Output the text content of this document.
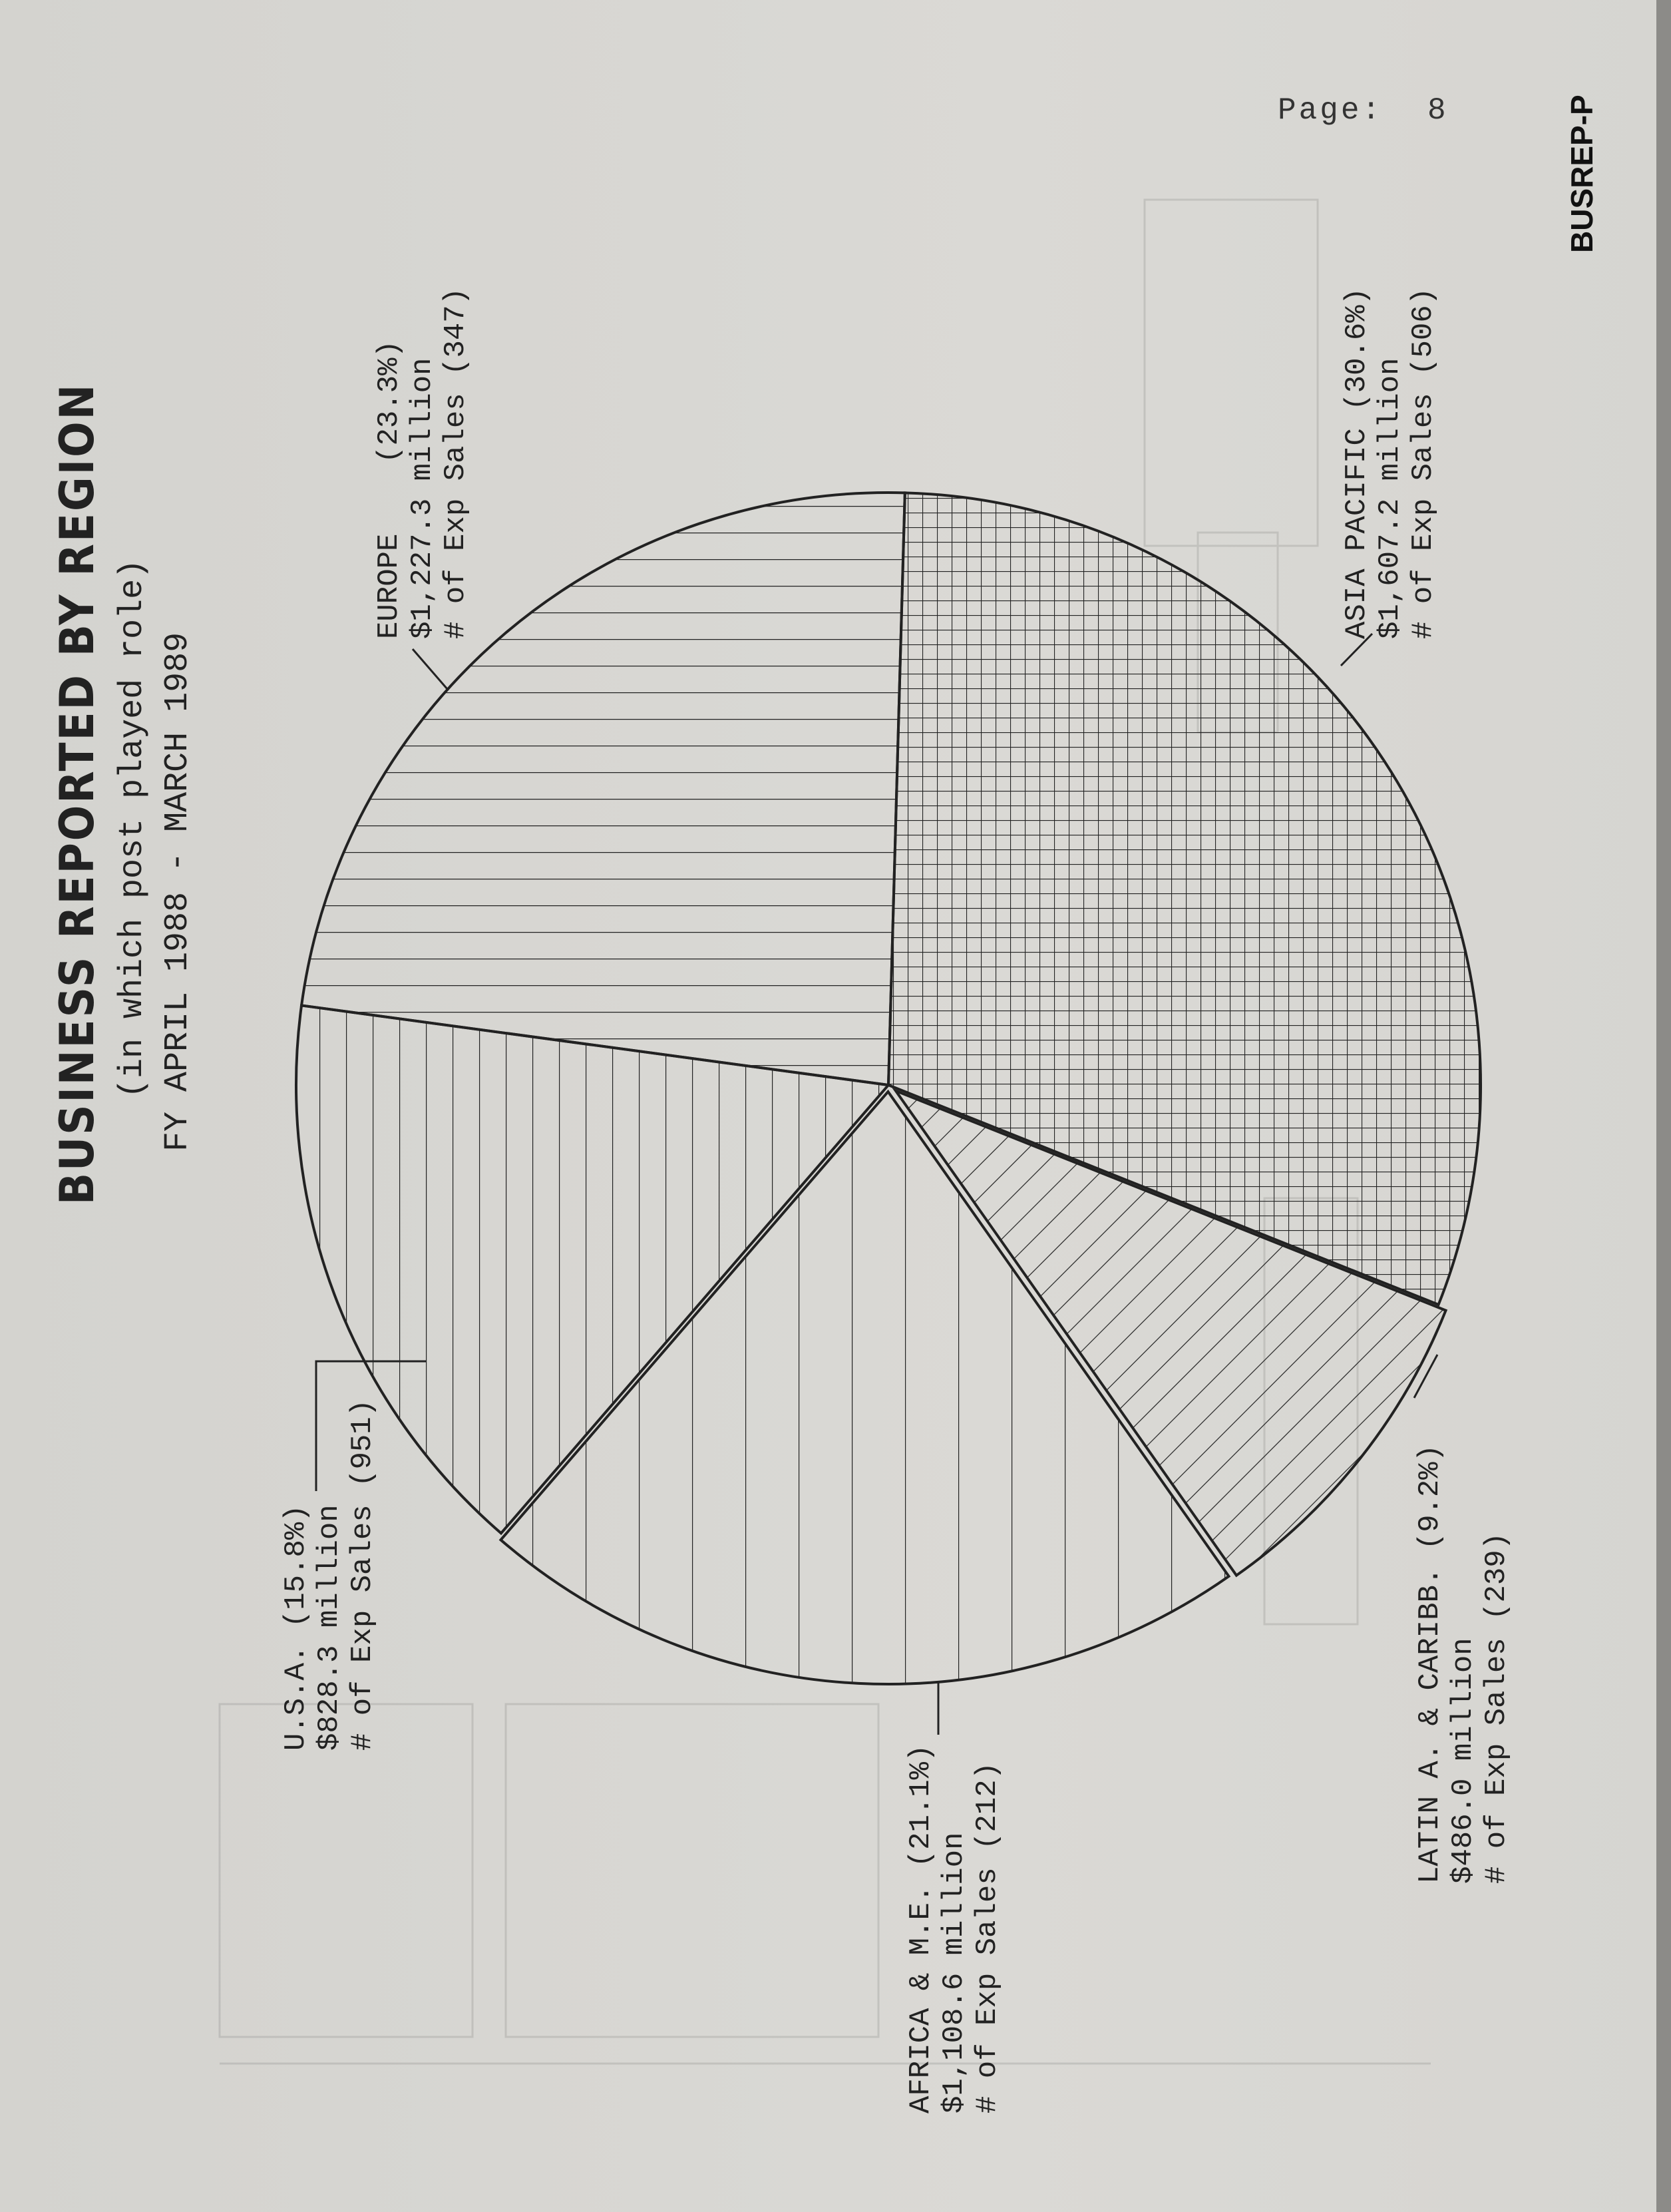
Page: 8	BUSREP-P
BUSINESS REPORTED BY REGION (in which post played role) FY APRIL 1988 - MARCH 1989
U.S.A. (15.8%) $828.3 million # of Exp Sales (951)
EUROPE    (23.3%) $1,227.3 million # of Exp Sales (347)	ASIA PACIFIC (30.6%) $1,607.2 million # of Exp Sales (506)
LATIN A. & CARIBB. (9.2%) $486.0 million # of Exp Sales (239)
AFRICA & M.E. (21.1%) $1,108.6 million # of Exp Sales (212)
